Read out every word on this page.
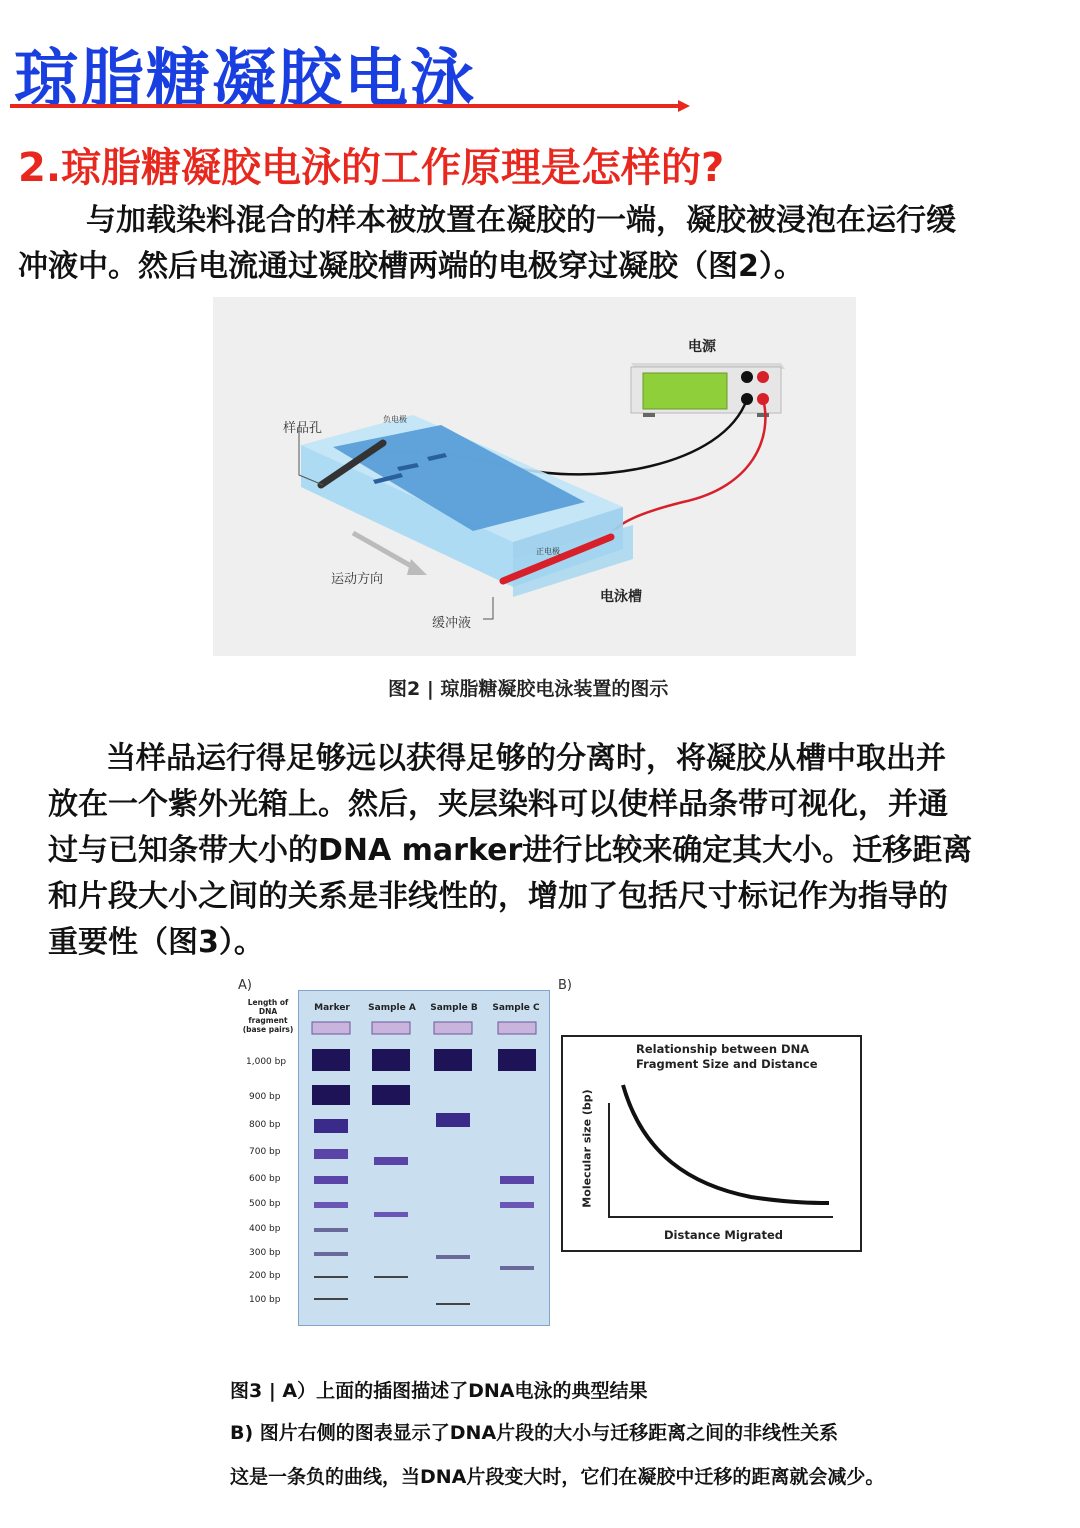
琼脂糖凝胶电泳
2.琼脂糖凝胶电泳的工作原理是怎样的?
与加载染料混合的样本被放置在凝胶的一端，凝胶被浸泡在运行缓
冲液中。然后电流通过凝胶槽两端的电极穿过凝胶（图2）。
电源
样品孔
负电极
正电极
运动方向
缓冲液
电泳槽
图2 | 琼脂糖凝胶电泳装置的图示
当样品运行得足够远以获得足够的分离时，将凝胶从槽中取出并
放在一个紫外光箱上。然后，夹层染料可以使样品条带可视化，并通
过与已知条带大小的DNA marker进行比较来确定其大小。迁移距离
和片段大小之间的关系是非线性的，增加了包括尺寸标记作为指导的
重要性（图3）。
A)
Length of
DNA
fragment
(base pairs)
Marker	Sample A	Sample B	Sample C
1,000 bp
900 bp
800 bp
700 bp
600 bp
500 bp
400 bp
300 bp
200 bp
100 bp
B)
Relationship between DNA
Fragment Size and Distance
Molecular size (bp)
Distance Migrated
图3 | A）上面的插图描述了DNA电泳的典型结果
B) 图片右侧的图表显示了DNA片段的大小与迁移距离之间的非线性关系
这是一条负的曲线，当DNA片段变大时，它们在凝胶中迁移的距离就会减少。
